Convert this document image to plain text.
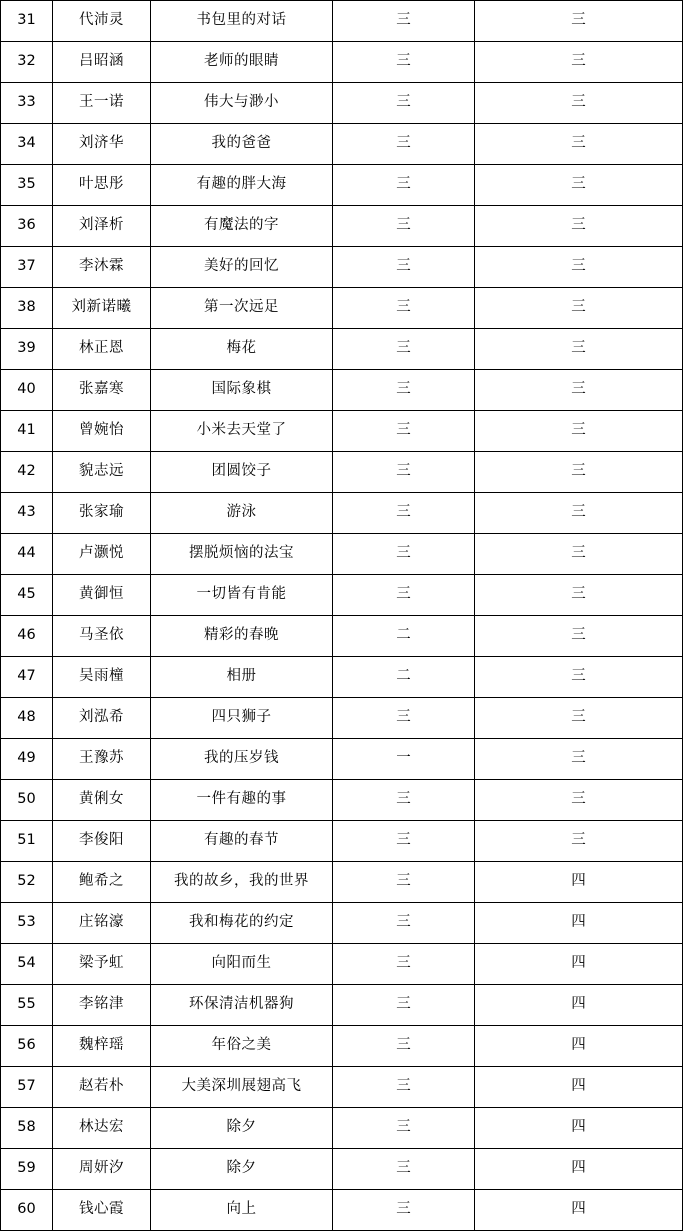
31	代沛灵	书包里的对话	三	三
32	吕昭涵	老师的眼睛	三	三
33	王一诺	伟大与渺小	三	三
34	刘济华	我的爸爸	三	三
35	叶思彤	有趣的胖大海	三	三
36	刘泽析	有魔法的字	三	三
37	李沐霖	美好的回忆	三	三
38	刘新诺曦	第一次远足	三	三
39	林正恩	梅花	三	三
40	张嘉寒	国际象棋	三	三
41	曾婉怡	小米去天堂了	三	三
42	貌志远	团圆饺子	三	三
43	张家瑜	游泳	三	三
44	卢灏悦	摆脱烦恼的法宝	三	三
45	黄御恒	一切皆有肯能	三	三
46	马圣依	精彩的春晚	二	三
47	吴雨橦	相册	二	三
48	刘泓希	四只狮子	三	三
49	王豫苏	我的压岁钱	一	三
50	黄俐女	一件有趣的事	三	三
51	李俊阳	有趣的春节	三	三
52	鲍希之	我的故乡，我的世界	三	四
53	庄铭濠	我和梅花的约定	三	四
54	梁予虹	向阳而生	三	四
55	李铭津	环保清洁机器狗	三	四
56	魏梓瑶	年俗之美	三	四
57	赵若朴	大美深圳展翅高飞	三	四
58	林达宏	除夕	三	四
59	周妍汐	除夕	三	四
60	钱心霞	向上	三	四
